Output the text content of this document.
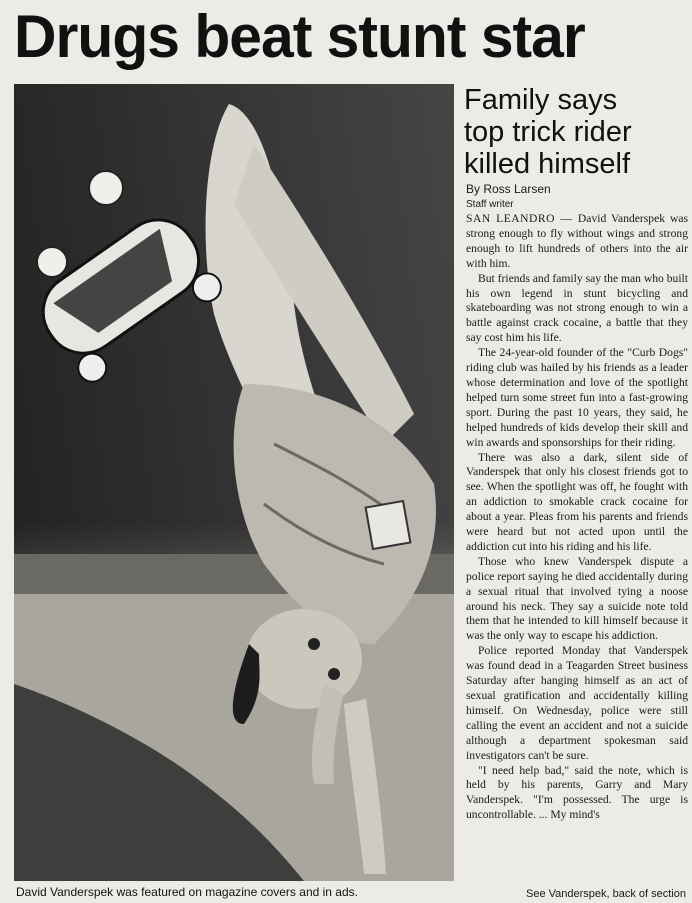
Drugs beat stunt star
David Vanderspek was featured on magazine covers and in ads.
Family says
top trick rider
killed himself
By Ross Larsen
Staff writer

SAN LEANDRO — David Vanderspek was strong enough to fly without wings and strong enough to lift hundreds of others into the air with him.

But friends and family say the man who built his own legend in stunt bicycling and skateboarding was not strong enough to win a battle against crack cocaine, a battle that they say cost him his life.

The 24-year-old founder of the "Curb Dogs" riding club was hailed by his friends as a leader whose determination and love of the spotlight helped turn some street fun into a fast-growing sport. During the past 10 years, they said, he helped hundreds of kids develop their skill and win awards and sponsorships for their riding.

There was also a dark, silent side of Vanderspek that only his closest friends got to see. When the spotlight was off, he fought with an addiction to smokable crack cocaine for about a year. Pleas from his parents and friends were heard but not acted upon until the addiction cut into his riding and his life.

Those who knew Vanderspek dispute a police report saying he died accidentally during a sexual ritual that involved tying a noose around his neck. They say a suicide note told them that he intended to kill himself because it was the only way to escape his addiction.

Police reported Monday that Vanderspek was found dead in a Teagarden Street business Saturday after hanging himself as an act of sexual gratification and accidentally killing himself. On Wednesday, police were still calling the event an accident and not a suicide although a department spokesman said investigators can't be sure.

"I need help bad," said the note, which is held by his parents, Garry and Mary Vanderspek. "I'm possessed. The urge is uncontrollable. ... My mind's

See Vanderspek, back of section
